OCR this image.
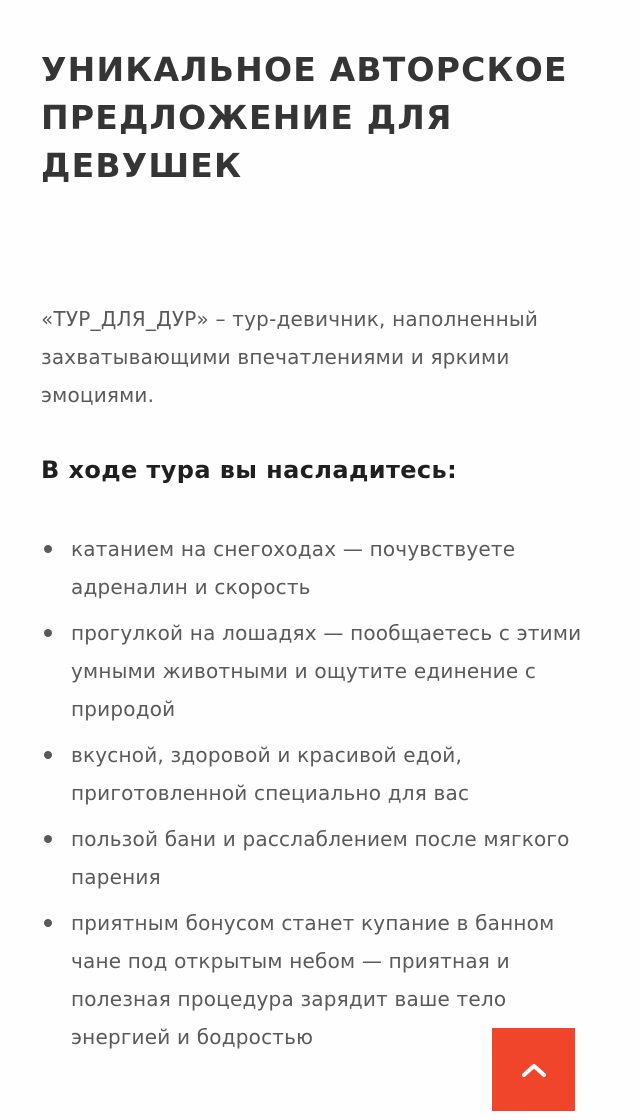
УНИКАЛЬНОЕ АВТОРСКОЕ ПРЕДЛОЖЕНИЕ ДЛЯ ДЕВУШЕК

«ТУР_ДЛЯ_ДУР» – тур-девичник, наполненный захватывающими впечатлениями и яркими эмоциями.

В ходе тура вы насладитесь:
катанием на снегоходах — почувствуете адреналин и скорость
прогулкой на лошадях — пообщаетесь с этими умными животными и ощутите единение с природой
вкусной, здоровой и красивой едой, приготовленной специально для вас
пользой бани и расслаблением после мягкого парения
приятным бонусом станет купание в банном чане под открытым небом — приятная и полезная процедура зарядит ваше тело энергией и бодростью
